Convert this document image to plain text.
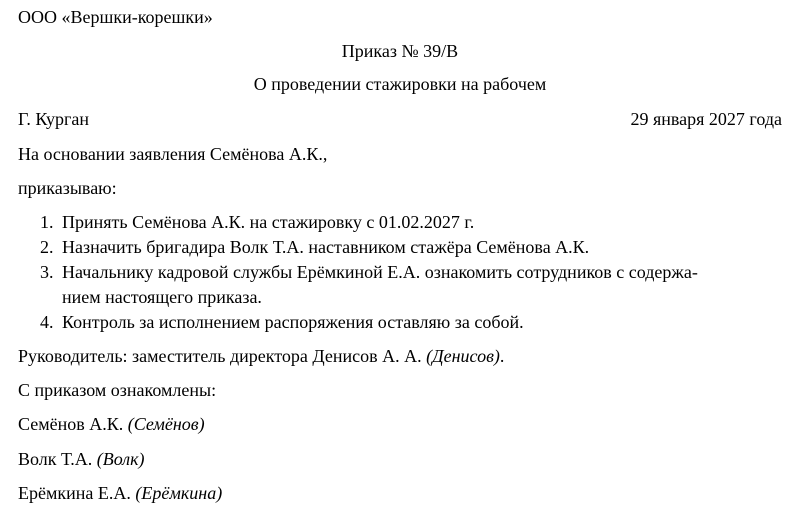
ООО «Вершки-корешки»
Приказ № 39/В
О проведении стажировки на рабочем
Г. Курган	29 января 2027 года
На основании заявления Семёнова А.К.,
приказываю:
1. Принять Семёнова А.К. на стажировку с 01.02.2027 г.
2. Назначить бригадира Волк Т.А. наставником стажёра Семёнова А.К.
3. Начальнику кадровой службы Ерёмкиной Е.А. ознакомить сотрудников с содержа-
нием настоящего приказа.
4. Контроль за исполнением распоряжения оставляю за собой.
Руководитель: заместитель директора Денисов А. А. (Денисов).
С приказом ознакомлены:
Семёнов А.К. (Семёнов)
Волк Т.А. (Волк)
Ерёмкина Е.А. (Ерёмкина)
